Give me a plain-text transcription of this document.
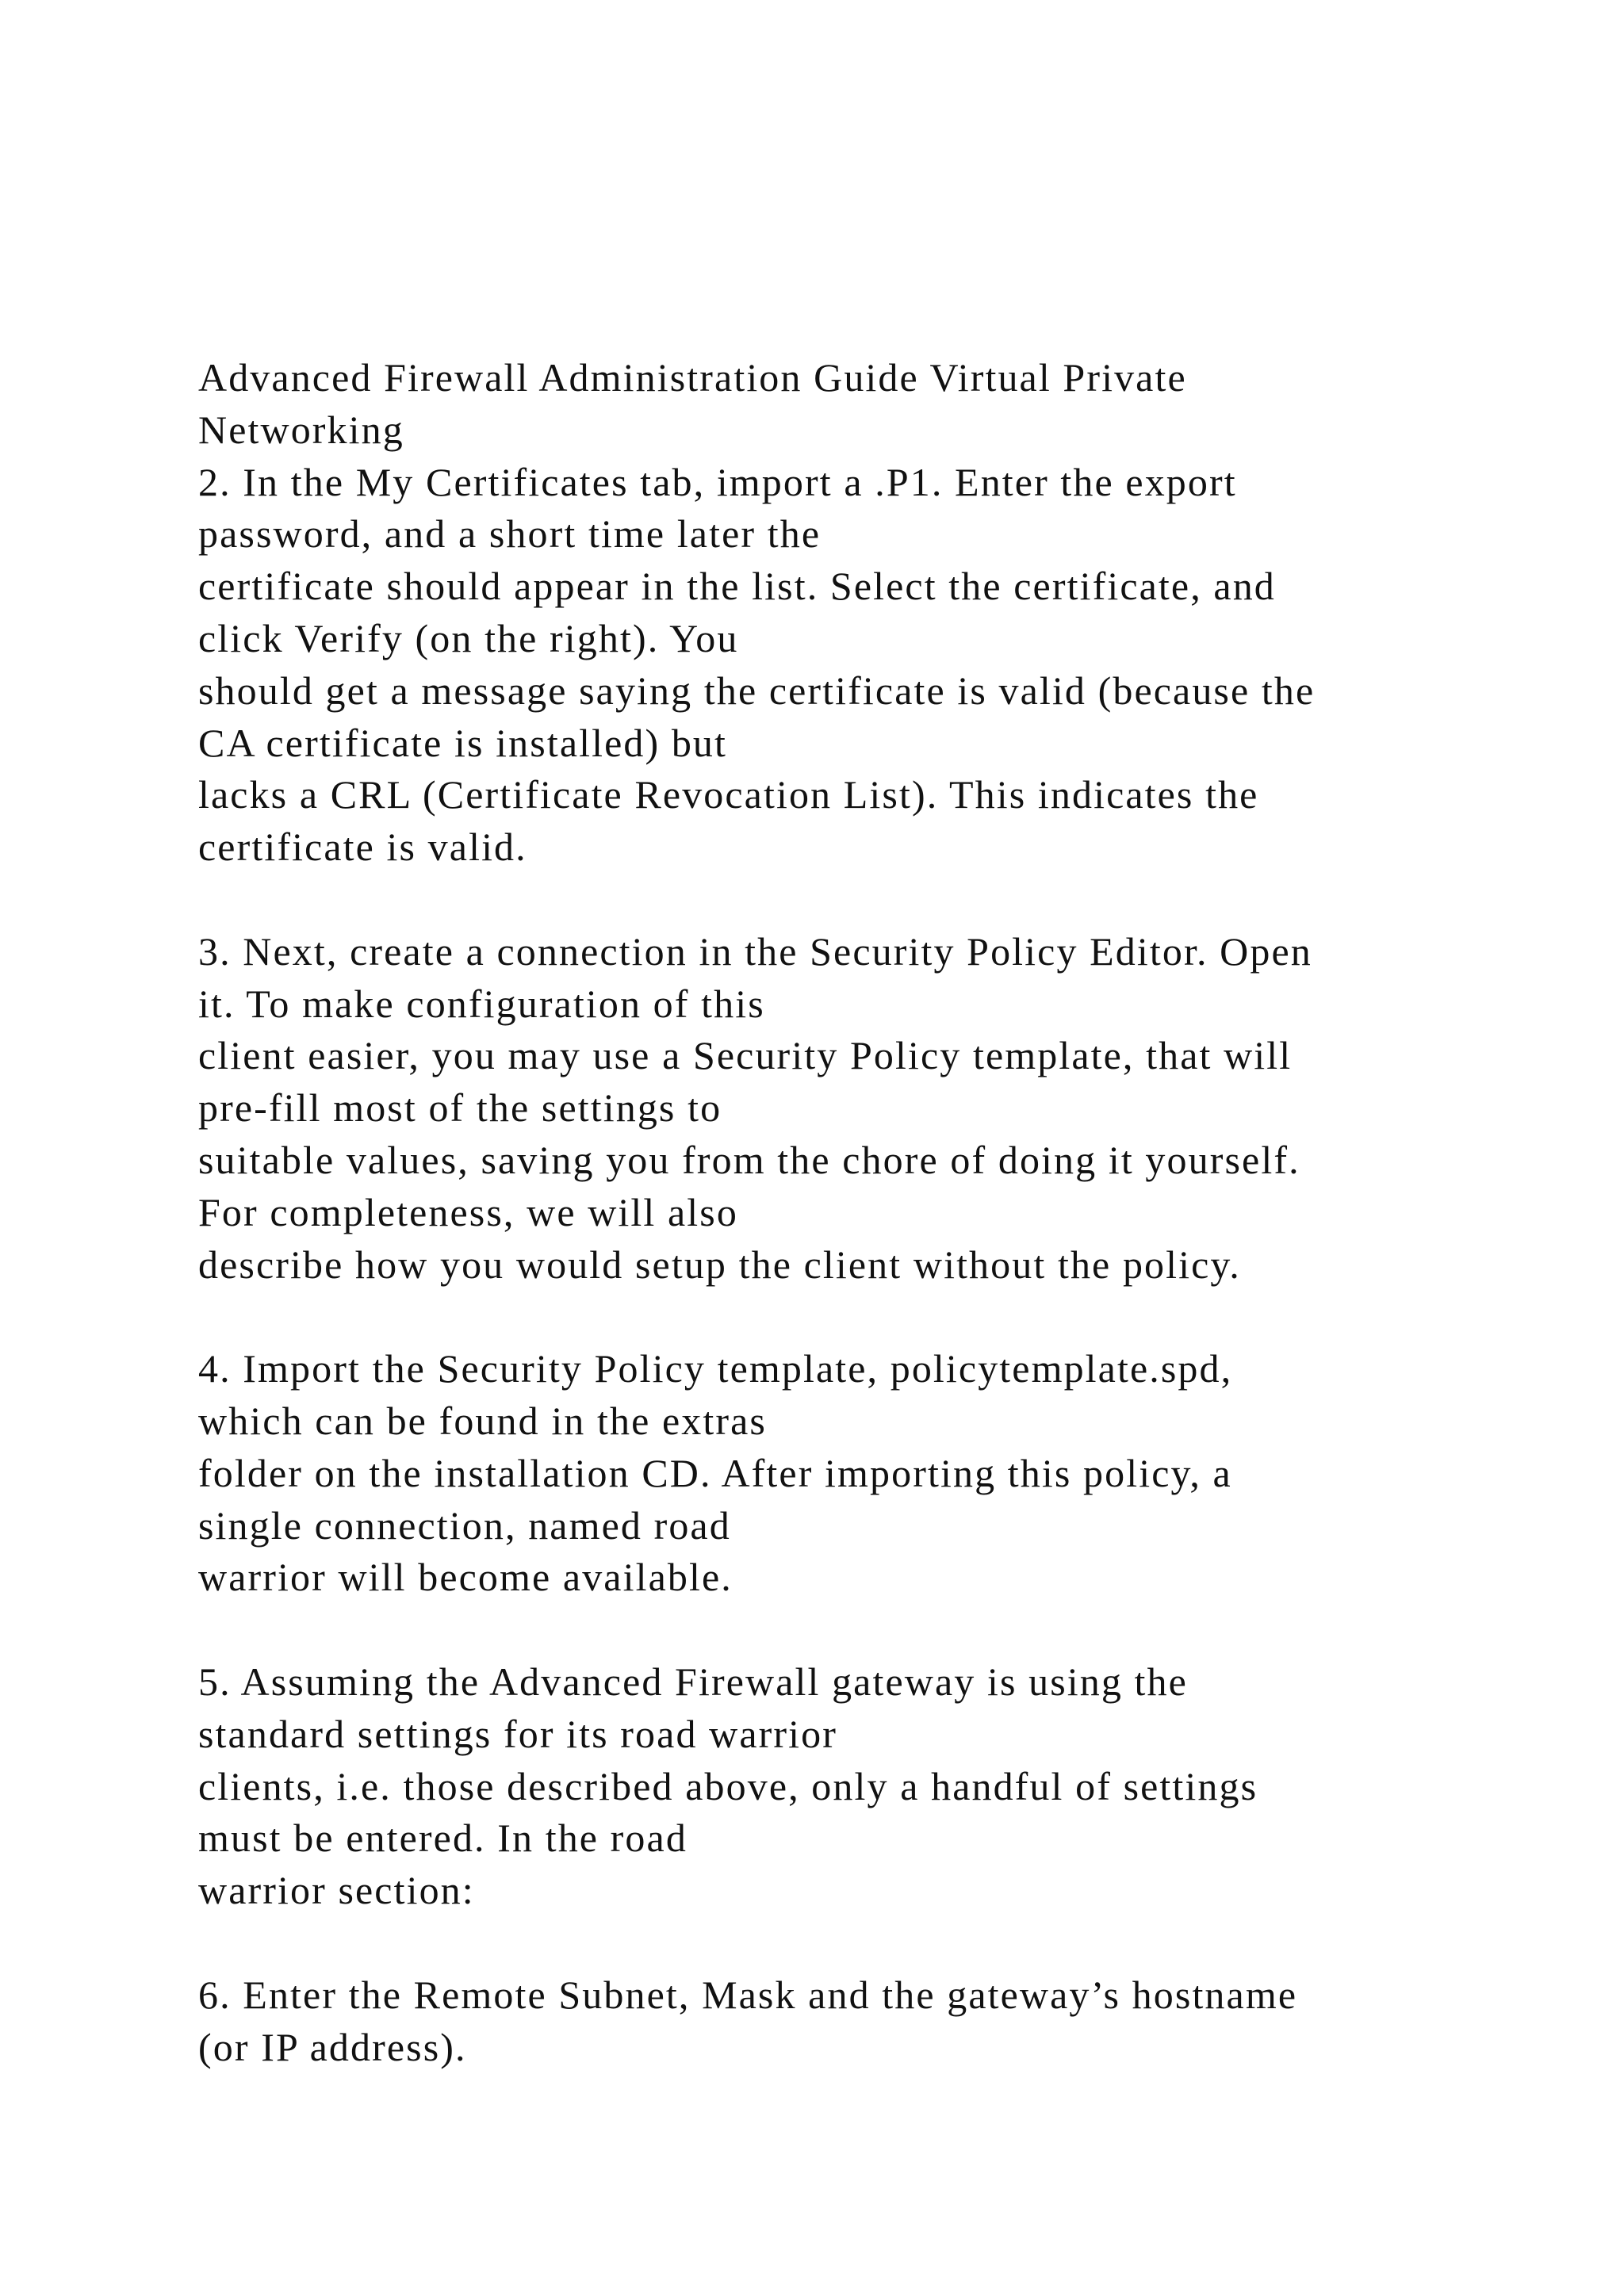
Advanced Firewall Administration Guide Virtual Private
Networking
2. In the My Certificates tab, import a .P1. Enter the export
password, and a short time later the
certificate should appear in the list. Select the certificate, and
click Verify (on the right). You
should get a message saying the certificate is valid (because the
CA certificate is installed) but
lacks a CRL (Certificate Revocation List). This indicates the
certificate is valid.
3. Next, create a connection in the Security Policy Editor. Open
it. To make configuration of this
client easier, you may use a Security Policy template, that will
pre-fill most of the settings to
suitable values, saving you from the chore of doing it yourself.
For completeness, we will also
describe how you would setup the client without the policy.
4. Import the Security Policy template, policytemplate.spd,
which can be found in the extras
folder on the installation CD. After importing this policy, a
single connection, named road
warrior will become available.
5. Assuming the Advanced Firewall gateway is using the
standard settings for its road warrior
clients, i.e. those described above, only a handful of settings
must be entered. In the road
warrior section:
6. Enter the Remote Subnet, Mask and the gateway’s hostname
(or IP address).
